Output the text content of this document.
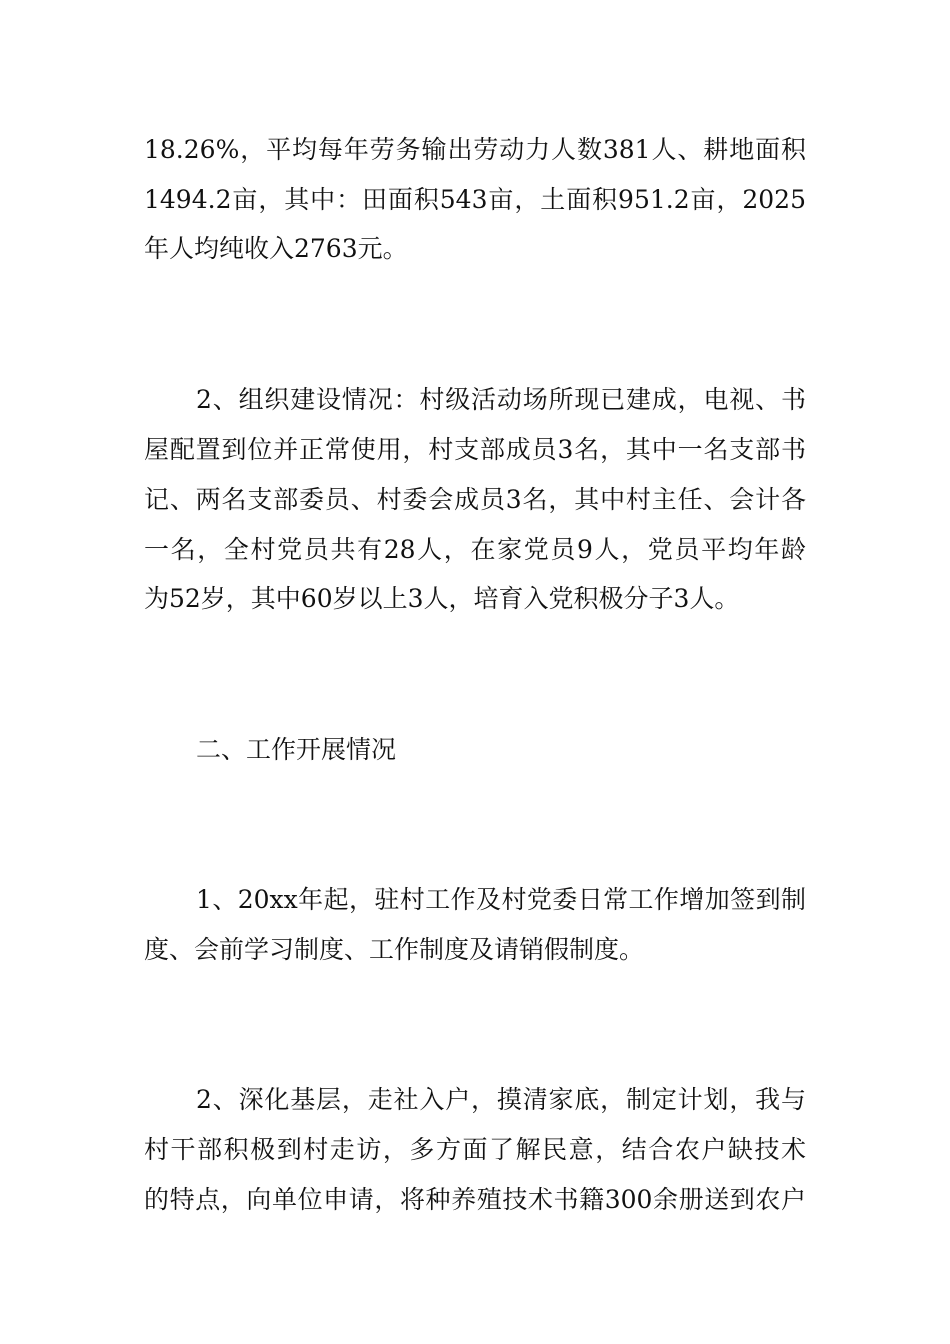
18.26%，平均每年劳务输出劳动力人数381人、耕地面积
1494.2亩，其中：田面积543亩，土面积951.2亩，2025
年人均纯收入2763元。
2、组织建设情况：村级活动场所现已建成，电视、书
屋配置到位并正常使用，村支部成员3名，其中一名支部书
记、两名支部委员、村委会成员3名，其中村主任、会计各
一名，全村党员共有28人，在家党员9人，党员平均年龄
为52岁，其中60岁以上3人，培育入党积极分子3人。
二、工作开展情况
1、20xx年起，驻村工作及村党委日常工作增加签到制
度、会前学习制度、工作制度及请销假制度。
2、深化基层，走社入户，摸清家底，制定计划，我与
村干部积极到村走访，多方面了解民意，结合农户缺技术
的特点，向单位申请，将种养殖技术书籍300余册送到农户
